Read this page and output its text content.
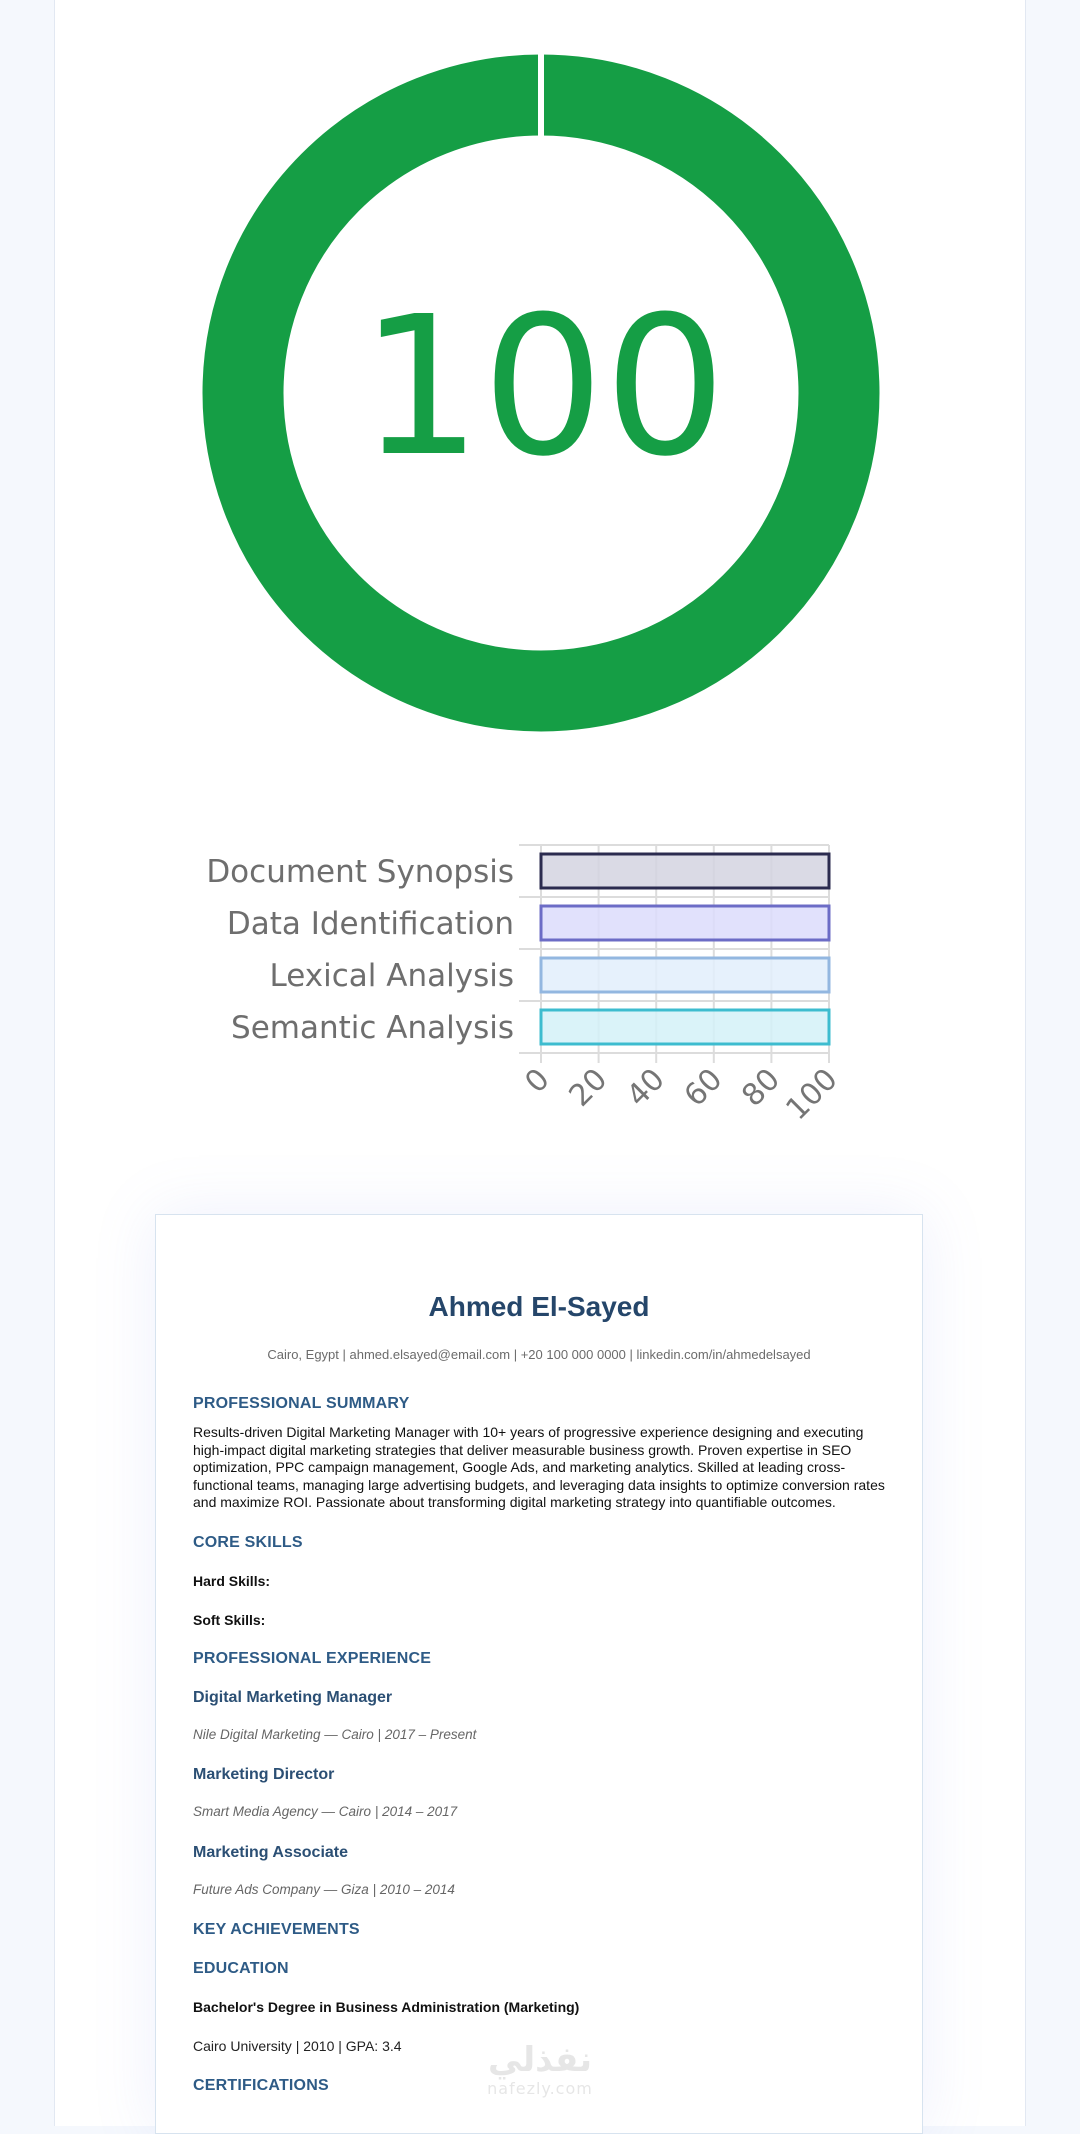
100
Document Synopsis
Data Identification
Lexical Analysis
Semantic Analysis
0 20 40 60 80
100
Ahmed El-Sayed
Cairo, Egypt | ahmed.elsayed@email.com | +20 100 000 0000 | linkedin.com/in/ahmedelsayed
PROFESSIONAL SUMMARY
Results-driven Digital Marketing Manager with 10+ years of progressive experience designing and executing high-impact digital marketing strategies that deliver measurable business growth. Proven expertise in SEO optimization, PPC campaign management, Google Ads, and marketing analytics. Skilled at leading cross-functional teams, managing large advertising budgets, and leveraging data insights to optimize conversion rates and maximize ROI. Passionate about transforming digital marketing strategy into quantifiable outcomes.
CORE SKILLS
Hard Skills:
Soft Skills:
PROFESSIONAL EXPERIENCE
Digital Marketing Manager
Nile Digital Marketing — Cairo | 2017 – Present
Marketing Director
Smart Media Agency — Cairo | 2014 – 2017
Marketing Associate
Future Ads Company — Giza | 2010 – 2014
KEY ACHIEVEMENTS
EDUCATION
Bachelor's Degree in Business Administration (Marketing)
Cairo University | 2010 | GPA: 3.4
CERTIFICATIONS
نفذلي
nafezly.com
